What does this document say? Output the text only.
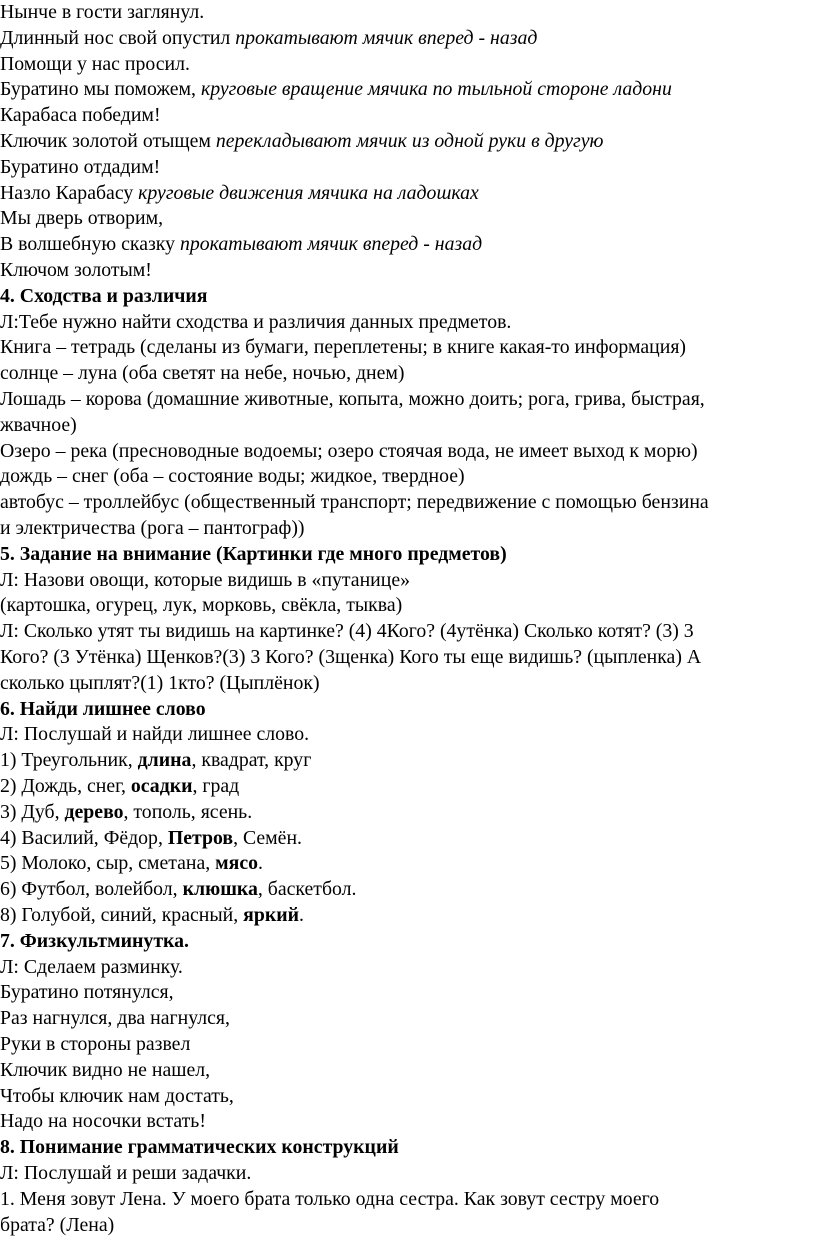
Нынче в гости заглянул.
Длинный нос свой опустил прокатывают мячик вперед - назад
Помощи у нас просил.
Буратино мы поможем, круговые вращение мячика по тыльной стороне ладони
Карабаса победим!
Ключик золотой отыщем перекладывают мячик из одной руки в другую
Буратино отдадим!
Назло Карабасу круговые движения мячика на ладошках
Мы дверь отворим,
В волшебную сказку прокатывают мячик вперед - назад
Ключом золотым!
4. Сходства и различия
Л:Тебе нужно найти сходства и различия данных предметов.
Книга – тетрадь (сделаны из бумаги, переплетены; в книге какая-то информация)
солнце – луна (оба светят на небе, ночью, днем)
Лошадь – корова (домашние животные, копыта, можно доить; рога, грива, быстрая,
жвачное)
Озеро – река (пресноводные водоемы; озеро стоячая вода, не имеет выход к морю)
дождь – снег (оба – состояние воды; жидкое, твердное)
автобус – троллейбус (общественный транспорт; передвижение с помощью бензина
и электричества (рога – пантограф))
5. Задание на внимание (Картинки где много предметов)
Л: Назови овощи, которые видишь в «путанице»
(картошка, огурец, лук, морковь, свёкла, тыква)
Л: Сколько утят ты видишь на картинке? (4) 4Кого? (4утёнка) Сколько котят? (3) 3
Кого? (3 Утёнка) Щенков?(3) 3 Кого? (3щенка) Кого ты еще видишь? (цыпленка) А
сколько цыплят?(1) 1кто? (Цыплёнок)
6. Найди лишнее слово
Л: Послушай и найди лишнее слово.
1) Треугольник, длина, квадрат, круг
2) Дождь, снег, осадки, град
3) Дуб, дерево, тополь, ясень.
4) Василий, Фёдор, Петров, Семён.
5) Молоко, сыр, сметана, мясо.
6) Футбол, волейбол, клюшка, баскетбол.
8) Голубой, синий, красный, яркий.
7. Физкультминутка.
Л: Сделаем разминку.
Буратино потянулся,
Раз нагнулся, два нагнулся,
Руки в стороны развел
Ключик видно не нашел,
Чтобы ключик нам достать,
Надо на носочки встать!
8. Понимание грамматических конструкций
Л: Послушай и реши задачки.
1. Меня зовут Лена. У моего брата только одна сестра. Как зовут сестру моего
брата? (Лена)
